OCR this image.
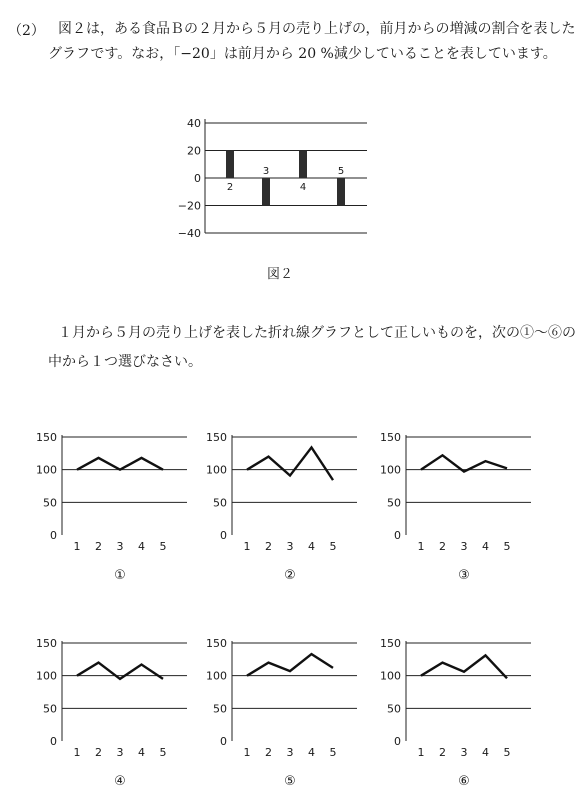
（2） 図２は，ある食品Ｂの２月から５月の売り上げの，前月からの増減の割合を表した
グラフです。なお，「−20」は前月から 20 %減少していることを表しています。
図２
40
20
0
−20
−40
2
3
4
5
150
100
50
0
1 2 3 4 5
①
150
100
50
0
1 2 3 4 5
②
150
100
50
0
1 2 3 4 5
③
150
100
50
0
1 2 3 4 5
④
150
100
50
0
1 2 3 4 5
⑤
150
100
50
0
1 2 3 4 5
⑥
１月から５月の売り上げを表した折れ線グラフとして正しいものを，次の①～⑥の
中から１つ選びなさい。
